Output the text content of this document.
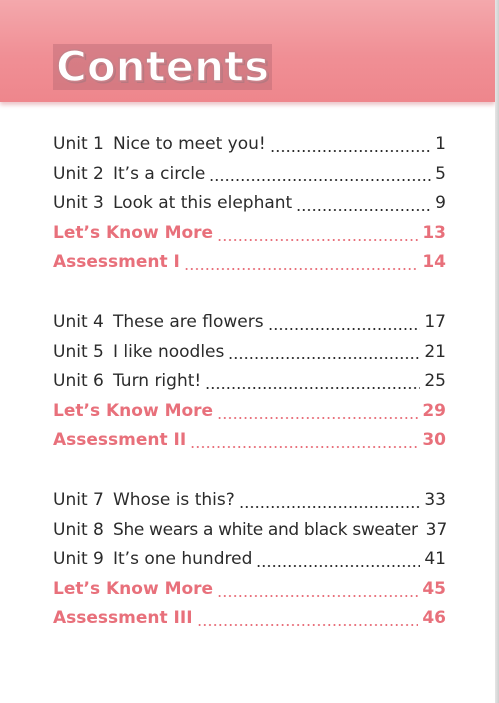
Contents
Unit 1 Nice to meet you!	1
Unit 2 It’s a circle	5
Unit 3 Look at this elephant	9
Let’s Know More	13
Assessment I	14
Unit 4 These are flowers	17
Unit 5 I like noodles	21
Unit 6 Turn right!	25
Let’s Know More	29
Assessment II	30
Unit 7 Whose is this?	33
Unit 8 She wears a white and black sweater 37
Unit 9 It’s one hundred	41
Let’s Know More	45
Assessment III	46
